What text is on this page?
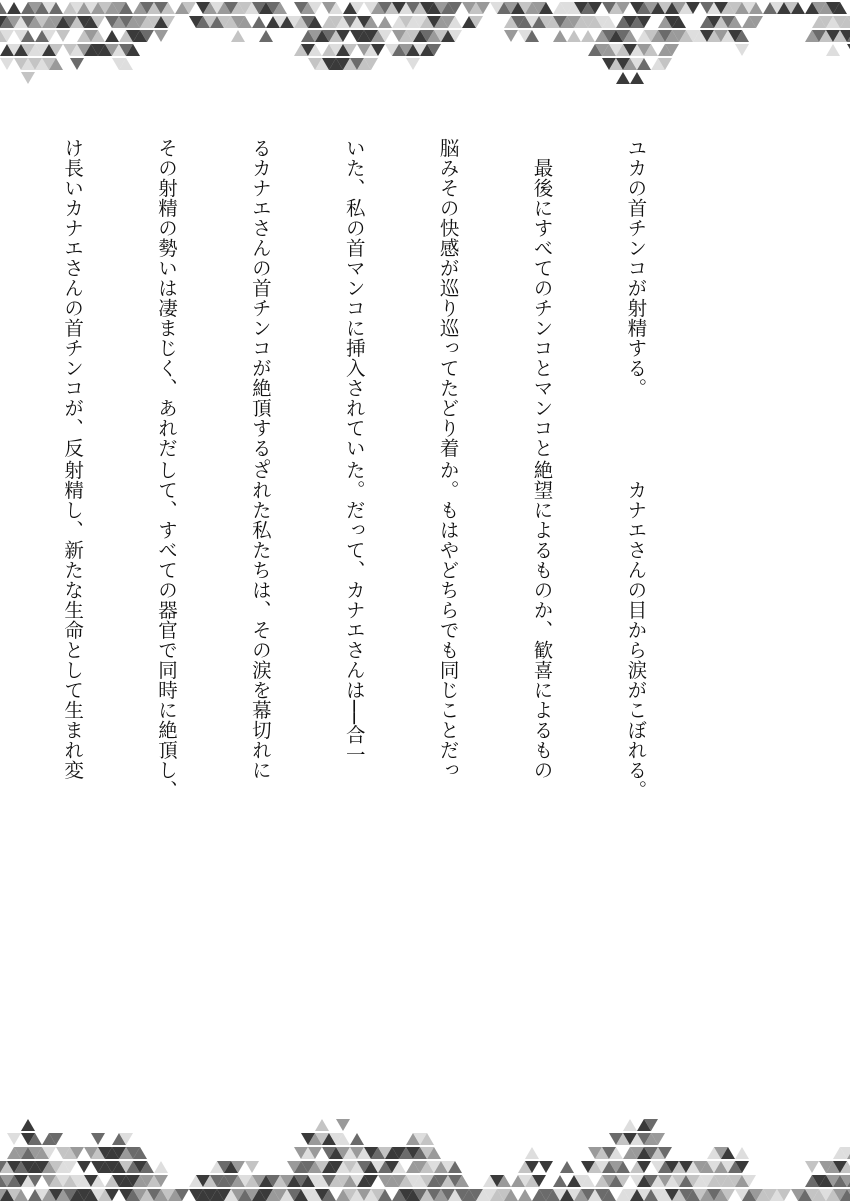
ユカの首チンコが射精する。

　最後にすべてのチンコとマンコと

脳みその快感が巡り巡ってたどり着

いた、私の首マンコに挿入されてい

るカナエさんの首チンコが絶頂する。

その射精の勢いは凄まじく、あれだ

け長いカナエさんの首チンコが、反

　カナエさんの目から涙がこぼれる。

絶望によるものか、歓喜によるもの

か。もはやどちらでも同じことだっ

た。だって、カナエさんは──合一

された私たちは、その涙を幕切れに

して、すべての器官で同時に絶頂し、

射精し、新たな生命として生まれ変
